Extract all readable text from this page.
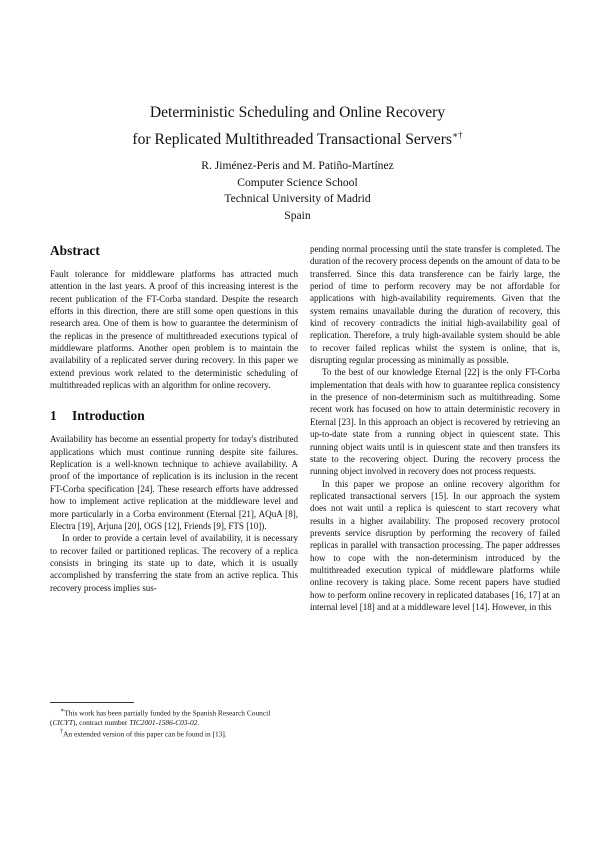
Deterministic Scheduling and Online Recovery
for Replicated Multithreaded Transactional Servers∗†
R. Jiménez-Peris and M. Patiño-Martínez
Computer Science School
Technical University of Madrid
Spain
Abstract

Fault tolerance for middleware platforms has attracted much attention in the last years. A proof of this increasing interest is the recent publication of the FT-Corba standard. Despite the research efforts in this direction, there are still some open questions in this research area. One of them is how to guarantee the determinism of the replicas in the presence of multithreaded executions typical of middleware platforms. Another open problem is to maintain the availability of a replicated server during recovery. In this paper we extend previous work related to the deterministic scheduling of multithreaded replicas with an algorithm for online recovery.

1 Introduction

Availability has become an essential property for today's distributed applications which must continue running despite site failures. Replication is a well-known technique to achieve availability. A proof of the importance of replication is its inclusion in the recent FT-Corba specification [24]. These research efforts have addressed how to implement active replication at the middleware level and more particularly in a Corba environment (Eternal [21], AQuA [8], Electra [19], Arjuna [20], OGS [12], Friends [9], FTS [10]).

In order to provide a certain level of availability, it is necessary to recover failed or partitioned replicas. The recovery of a replica consists in bringing its state up to date, which it is usually accomplished by transferring the state from an active replica. This recovery process implies sus-

∗This work has been partially funded by the Spanish Research Council (CICYT), contract number TIC2001-1586-C03-02.

†An extended version of this paper can be found in [13].

pending normal processing until the state transfer is completed. The duration of the recovery process depends on the amount of data to be transferred. Since this data transference can be fairly large, the period of time to perform recovery may be not affordable for applications with high-availability requirements. Given that the system remains unavailable during the duration of recovery, this kind of recovery contradicts the initial high-availability goal of replication. Therefore, a truly high-available system should be able to recover failed replicas whilst the system is online, that is, disrupting regular processing as minimally as possible.

To the best of our knowledge Eternal [22] is the only FT-Corba implementation that deals with how to guarantee replica consistency in the presence of non-determinism such as multithreading. Some recent work has focused on how to attain deterministic recovery in Eternal [23]. In this approach an object is recovered by retrieving an up-to-date state from a running object in quiescent state. This running object waits until is in quiescent state and then transfers its state to the recovering object. During the recovery process the running object involved in recovery does not process requests.

In this paper we propose an online recovery algorithm for replicated transactional servers [15]. In our approach the system does not wait until a replica is quiescent to start recovery what results in a higher availability. The proposed recovery protocol prevents service disruption by performing the recovery of failed replicas in parallel with transaction processing. The paper addresses how to cope with the non-determinism introduced by the multithreaded execution typical of middleware platforms while online recovery is taking place. Some recent papers have studied how to perform online recovery in replicated databases [16, 17] at an internal level [18] and at a middleware level [14]. However, in this
